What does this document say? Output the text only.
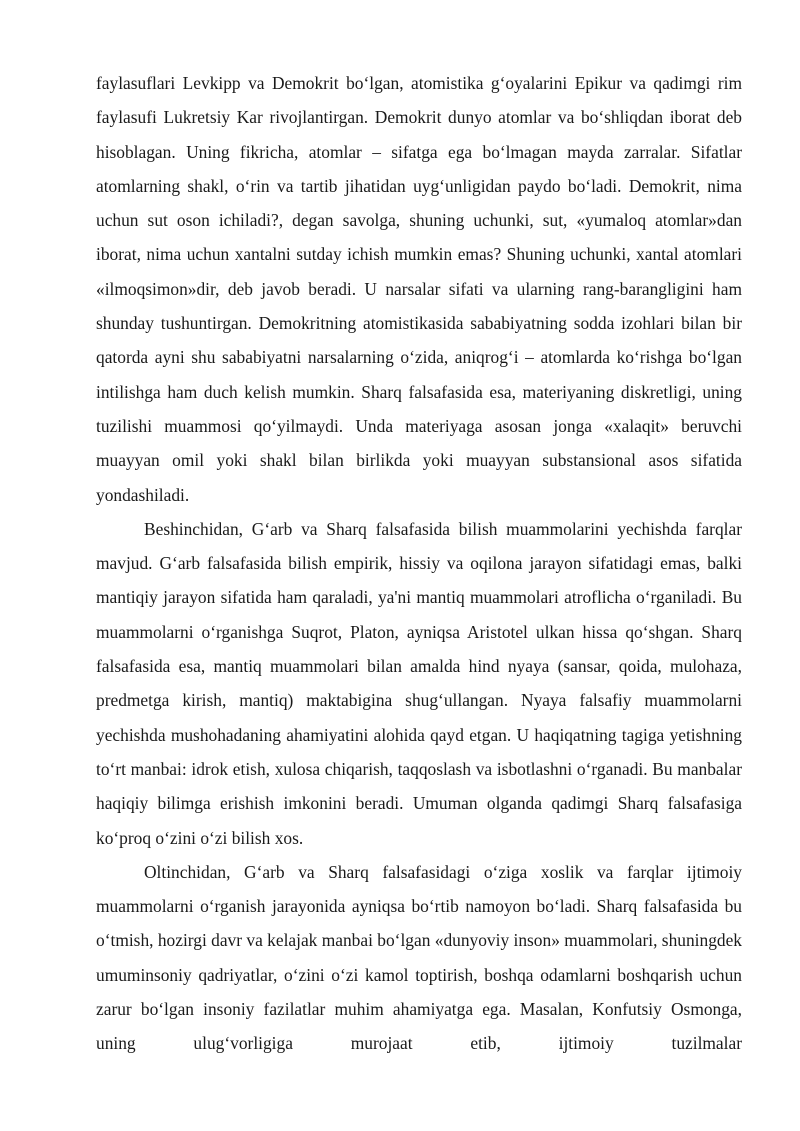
faylasuflari Levkipp va Demokrit bo‘lgan, atomistika g‘oyalarini Epikur va qadimgi rim faylasufi Lukretsiy Kar rivojlantirgan. Demokrit dunyo atomlar va bo‘shliqdan iborat deb hisoblagan. Uning fikricha, atomlar – sifatga ega bo‘lmagan mayda zarralar. Sifatlar atomlarning shakl, o‘rin va tartib jihatidan uyg‘unligidan paydo bo‘ladi. Demokrit, nima uchun sut oson ichiladi?, degan savolga, shuning uchunki, sut, «yumaloq atomlar»dan iborat, nima uchun xantalni sutday ichish mumkin emas? Shuning uchunki, xantal atomlari «ilmoqsimon»dir, deb javob beradi. U narsalar sifati va ularning rang-barangligini ham shunday tushuntirgan. Demokritning atomistikasida sababiyatning sodda izohlari bilan bir qatorda ayni shu sababiyatni narsalarning o‘zida, aniqrog‘i – atomlarda ko‘rishga bo‘lgan intilishga ham duch kelish mumkin. Sharq falsafasida esa, materiyaning diskretligi, uning tuzilishi muammosi qo‘yilmaydi. Unda materiyaga asosan jonga «xalaqit» beruvchi muayyan omil yoki shakl bilan birlikda yoki muayyan substansional asos sifatida yondashiladi.

Beshinchidan, G‘arb va Sharq falsafasida bilish muammolarini yechishda farqlar mavjud. G‘arb falsafasida bilish empirik, hissiy va oqilona jarayon sifatidagi emas, balki mantiqiy jarayon sifatida ham qaraladi, ya'ni mantiq muammolari atroflicha o‘rganiladi. Bu muammolarni o‘rganishga Suqrot, Platon, ayniqsa Aristotel ulkan hissa qo‘shgan. Sharq falsafasida esa, mantiq muammolari bilan amalda hind nyaya (sansar, qoida, mulohaza, predmetga kirish, mantiq) maktabigina shug‘ullangan. Nyaya falsafiy muammolarni yechishda mushohadaning ahamiyatini alohida qayd etgan. U haqiqatning tagiga yetishning to‘rt manbai: idrok etish, xulosa chiqarish, taqqoslash va isbotlashni o‘rganadi. Bu manbalar haqiqiy bilimga erishish imkonini beradi. Umuman olganda qadimgi Sharq falsafasiga ko‘proq o‘zini o‘zi bilish xos.

Oltinchidan, G‘arb va Sharq falsafasidagi o‘ziga xoslik va farqlar ijtimoiy muammolarni o‘rganish jarayonida ayniqsa bo‘rtib namoyon bo‘ladi. Sharq falsafasida bu o‘tmish, hozirgi davr va kelajak manbai bo‘lgan «dunyoviy inson» muammolari, shuningdek umuminsoniy qadriyatlar, o‘zini o‘zi kamol toptirish, boshqa odamlarni boshqarish uchun zarur bo‘lgan insoniy fazilatlar muhim ahamiyatga ega. Masalan, Konfutsiy Osmonga, uning ulug‘vorligiga murojaat etib, ijtimoiy tuzilmalar
